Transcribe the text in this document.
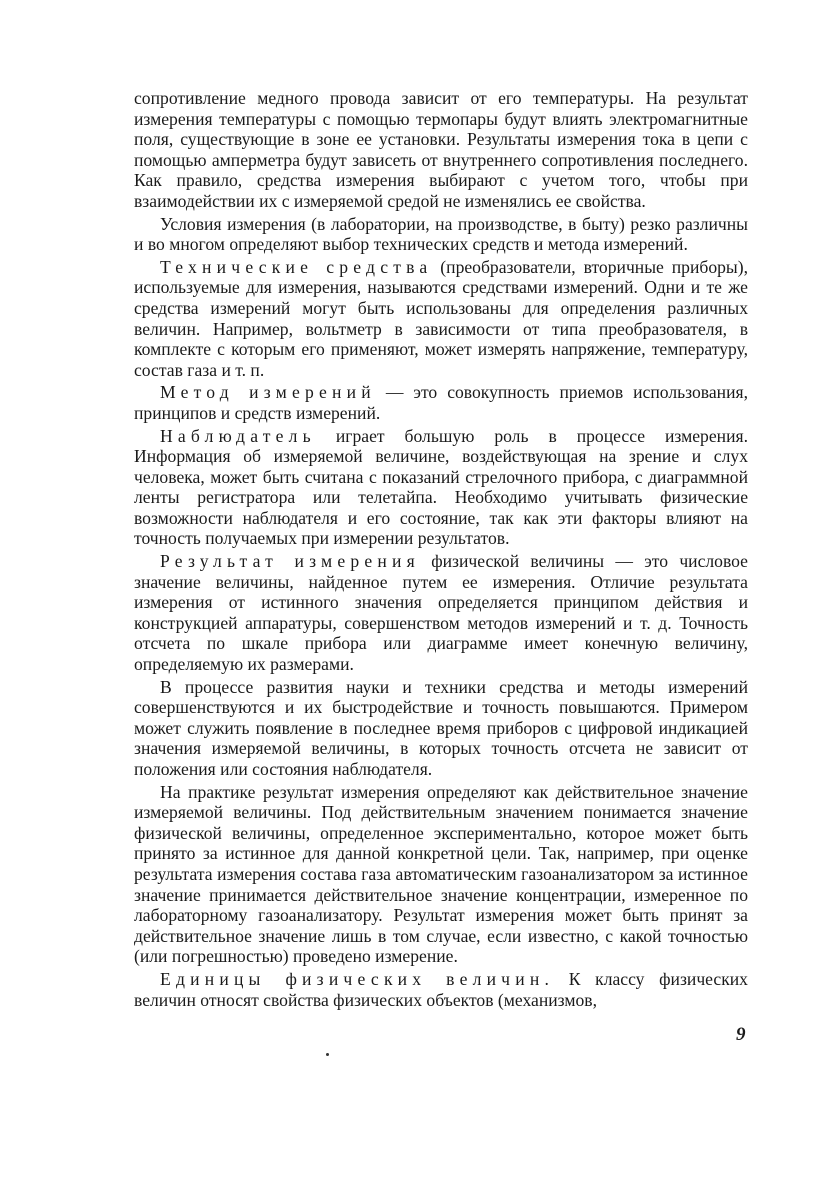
сопротивление медного провода зависит от его температуры. На результат измерения температуры с помощью термопары будут влиять электромагнитные поля, существующие в зоне ее установки. Результаты измерения тока в цепи с помощью амперметра будут зависеть от внутреннего сопротивления последнего. Как правило, средства измерения выбирают с учетом того, чтобы при взаимодействии их с измеряемой средой не изменялись ее свойства.

Условия измерения (в лаборатории, на производстве, в быту) резко различны и во многом определяют выбор технических средств и метода измерений.

Технические средства (преобразователи, вторичные приборы), используемые для измерения, называются средствами измерений. Одни и те же средства измерений могут быть использованы для определения различных величин. Например, вольтметр в зависимости от типа преобразователя, в комплекте с которым его применяют, может измерять напряжение, температуру, состав газа и т. п.

Метод измерений — это совокупность приемов использования, принципов и средств измерений.

Наблюдатель играет большую роль в процессе измерения. Информация об измеряемой величине, воздействующая на зрение и слух человека, может быть считана с показаний стрелочного прибора, с диаграммной ленты регистратора или телетайпа. Необходимо учитывать физические возможности наблюдателя и его состояние, так как эти факторы влияют на точность получаемых при измерении результатов.

Результат измерения физической величины — это числовое значение величины, найденное путем ее измерения. Отличие результата измерения от истинного значения определяется принципом действия и конструкцией аппаратуры, совершенством методов измерений и т. д. Точность отсчета по шкале прибора или диаграмме имеет конечную величину, определяемую их размерами.

В процессе развития науки и техники средства и методы измерений совершенствуются и их быстродействие и точность повышаются. Примером может служить появление в последнее время приборов с цифровой индикацией значения измеряемой величины, в которых точность отсчета не зависит от положения или состояния наблюдателя.

На практике результат измерения определяют как действительное значение измеряемой величины. Под действительным значением понимается значение физической величины, определенное экспериментально, которое может быть принято за истинное для данной конкретной цели. Так, например, при оценке результата измерения состава газа автоматическим газоанализатором за истинное значение принимается действительное значение концентрации, измеренное по лабораторному газоанализатору. Результат измерения может быть принят за действительное значение лишь в том случае, если известно, с какой точностью (или погрешностью) проведено измерение.

Единицы физических величин. К классу физических величин относят свойства физических объектов (механизмов,

9
